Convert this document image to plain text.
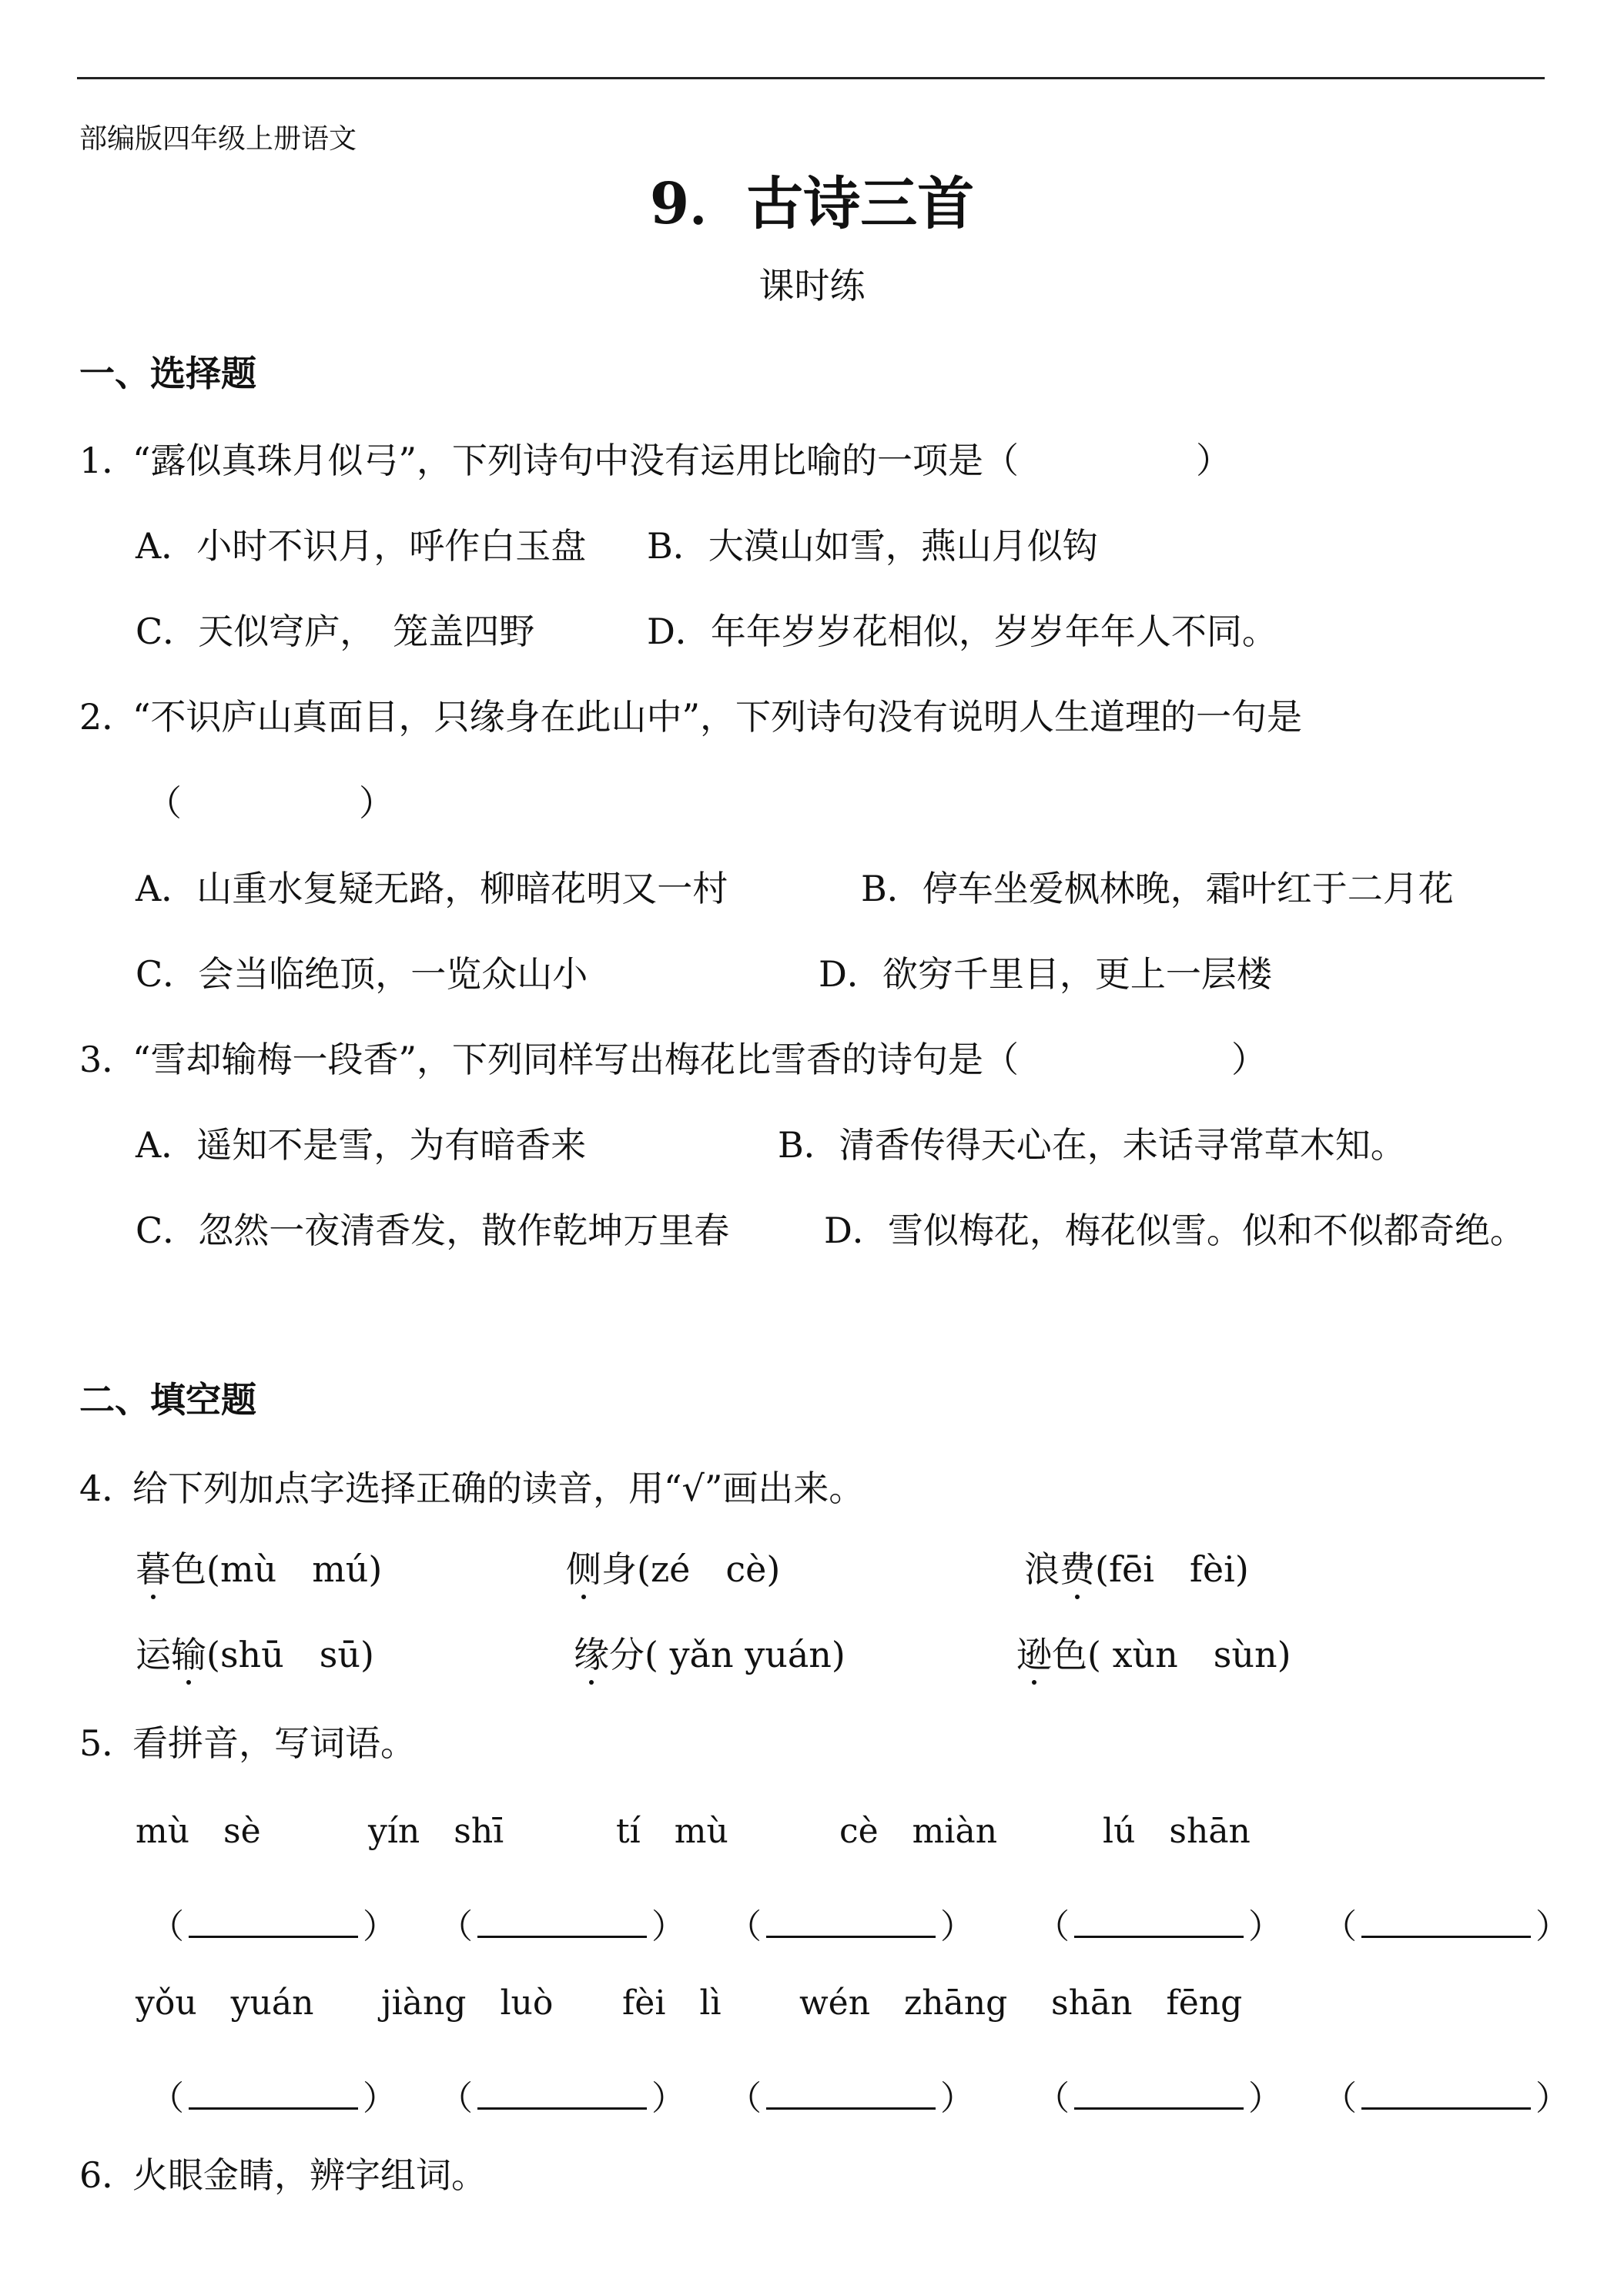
部编版四年级上册语文
9．古诗三首
课时练
一、选择题
1．
“露似真珠月似弓”，下列诗句中没有运用比喻的一项是（　　　　　）
A．小时不识月，呼作白玉盘 B．大漠山如雪，燕山月似钩
C．天似穹庐，　笼盖四野	D．年年岁岁花相似，岁岁年年人不同。
2．
“不识庐山真面目，只缘身在此山中”，下列诗句没有说明人生道理的一句是
（　　　　　）
A．山重水复疑无路，柳暗花明又一村	B．停车坐爱枫林晚，霜叶红于二月花
C．会当临绝顶，一览众山小	D．欲穷千里目，更上一层楼
3．
“雪却输梅一段香”，下列同样写出梅花比雪香的诗句是（　　　　　　）
A．遥知不是雪，为有暗香来	B．清香传得天心在，未话寻常草木知。
C．忽然一夜清香发，散作乾坤万里春	D．雪似梅花，梅花似雪。似和不似都奇绝。
二、填空题
4．
给下列加点字选择正确的读音，用“√”画出来。
暮色(mù　mú)	侧身(zé　cè)	浪费(fēi　fèi)
运输(shū　sū)	缘分( yǎn yuán)	逊色( xùn　sùn)
5．
看拼音，写词语。
mù　sè	yín　shī	tí　mù	cè　miàn	lú　shān
（	） （	） （	） （	） （	）
yǒu　yuán jiàng　luò fèi　lì wén　zhāng shān　fēng
（	） （	） （	） （	） （	）
6．
火眼金睛，辨字组词。
